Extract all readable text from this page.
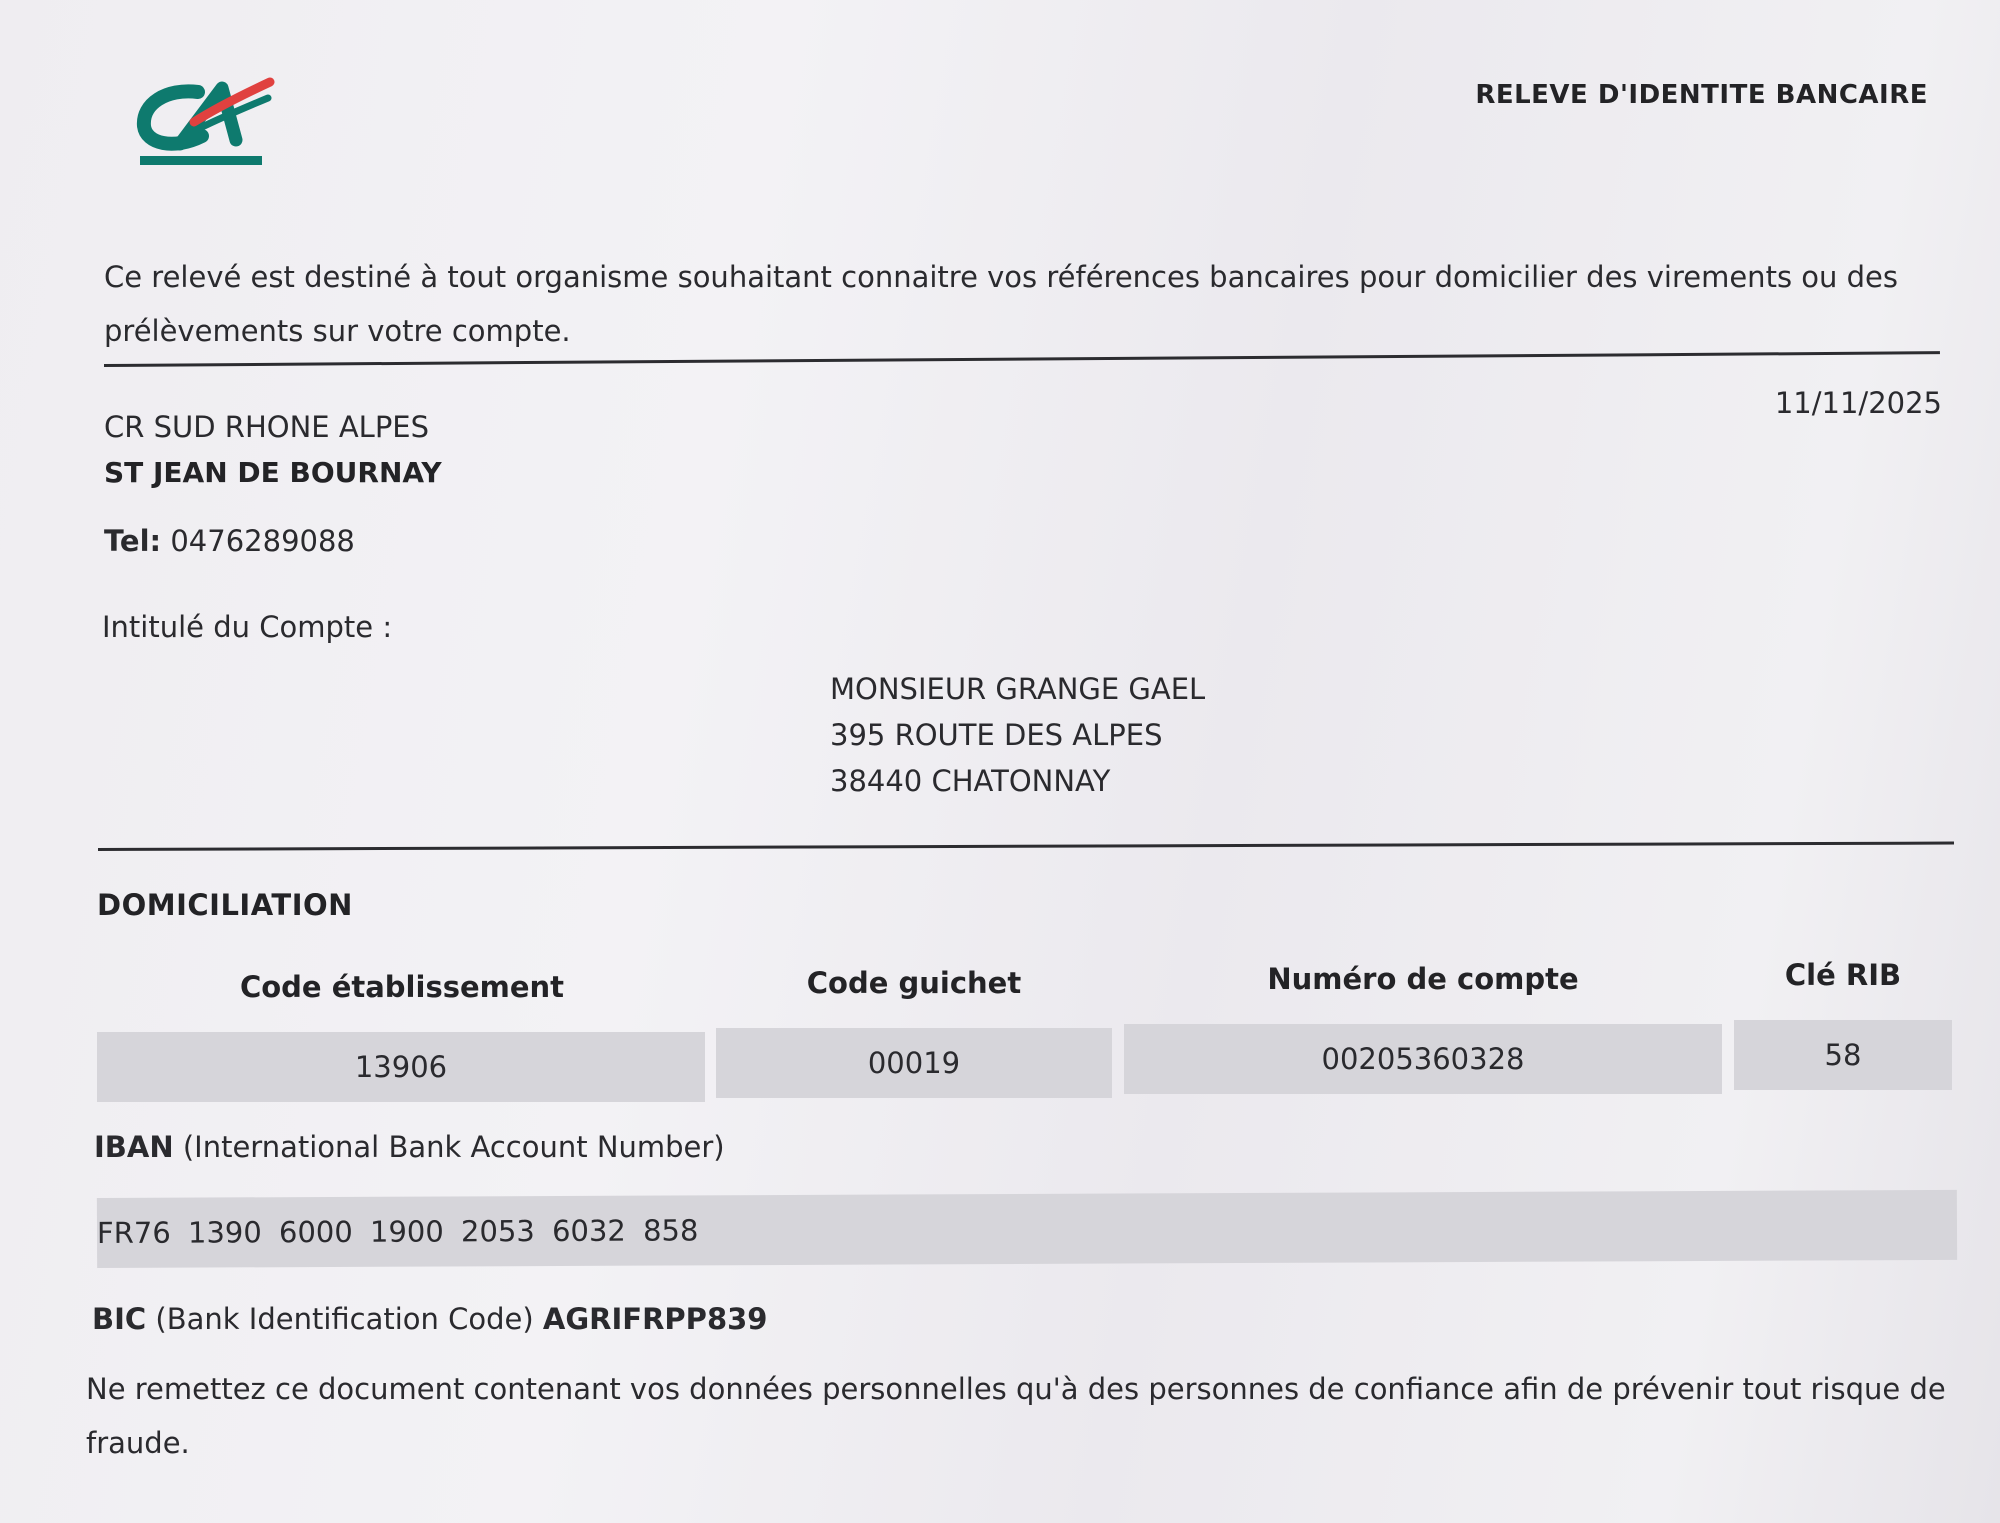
RELEVE D'IDENTITE BANCAIRE
Ce relevé est destiné à tout organisme souhaitant connaitre vos références bancaires pour domicilier des virements ou des prélèvements sur votre compte.
11/11/2025
CR SUD RHONE ALPES
ST JEAN DE BOURNAY
Tel: 0476289088
Intitulé du Compte :
MONSIEUR GRANGE GAEL
395 ROUTE DES ALPES
38440 CHATONNAY
DOMICILIATION
Code établissement	Code guichet	Numéro de compte	Clé RIB
13906	00019	00205360328	58
IBAN (International Bank Account Number)
FR76 1390 6000 1900 2053 6032 858
BIC (Bank Identification Code) AGRIFRPP839
Ne remettez ce document contenant vos données personnelles qu'à des personnes de confiance afin de prévenir tout risque de fraude.
